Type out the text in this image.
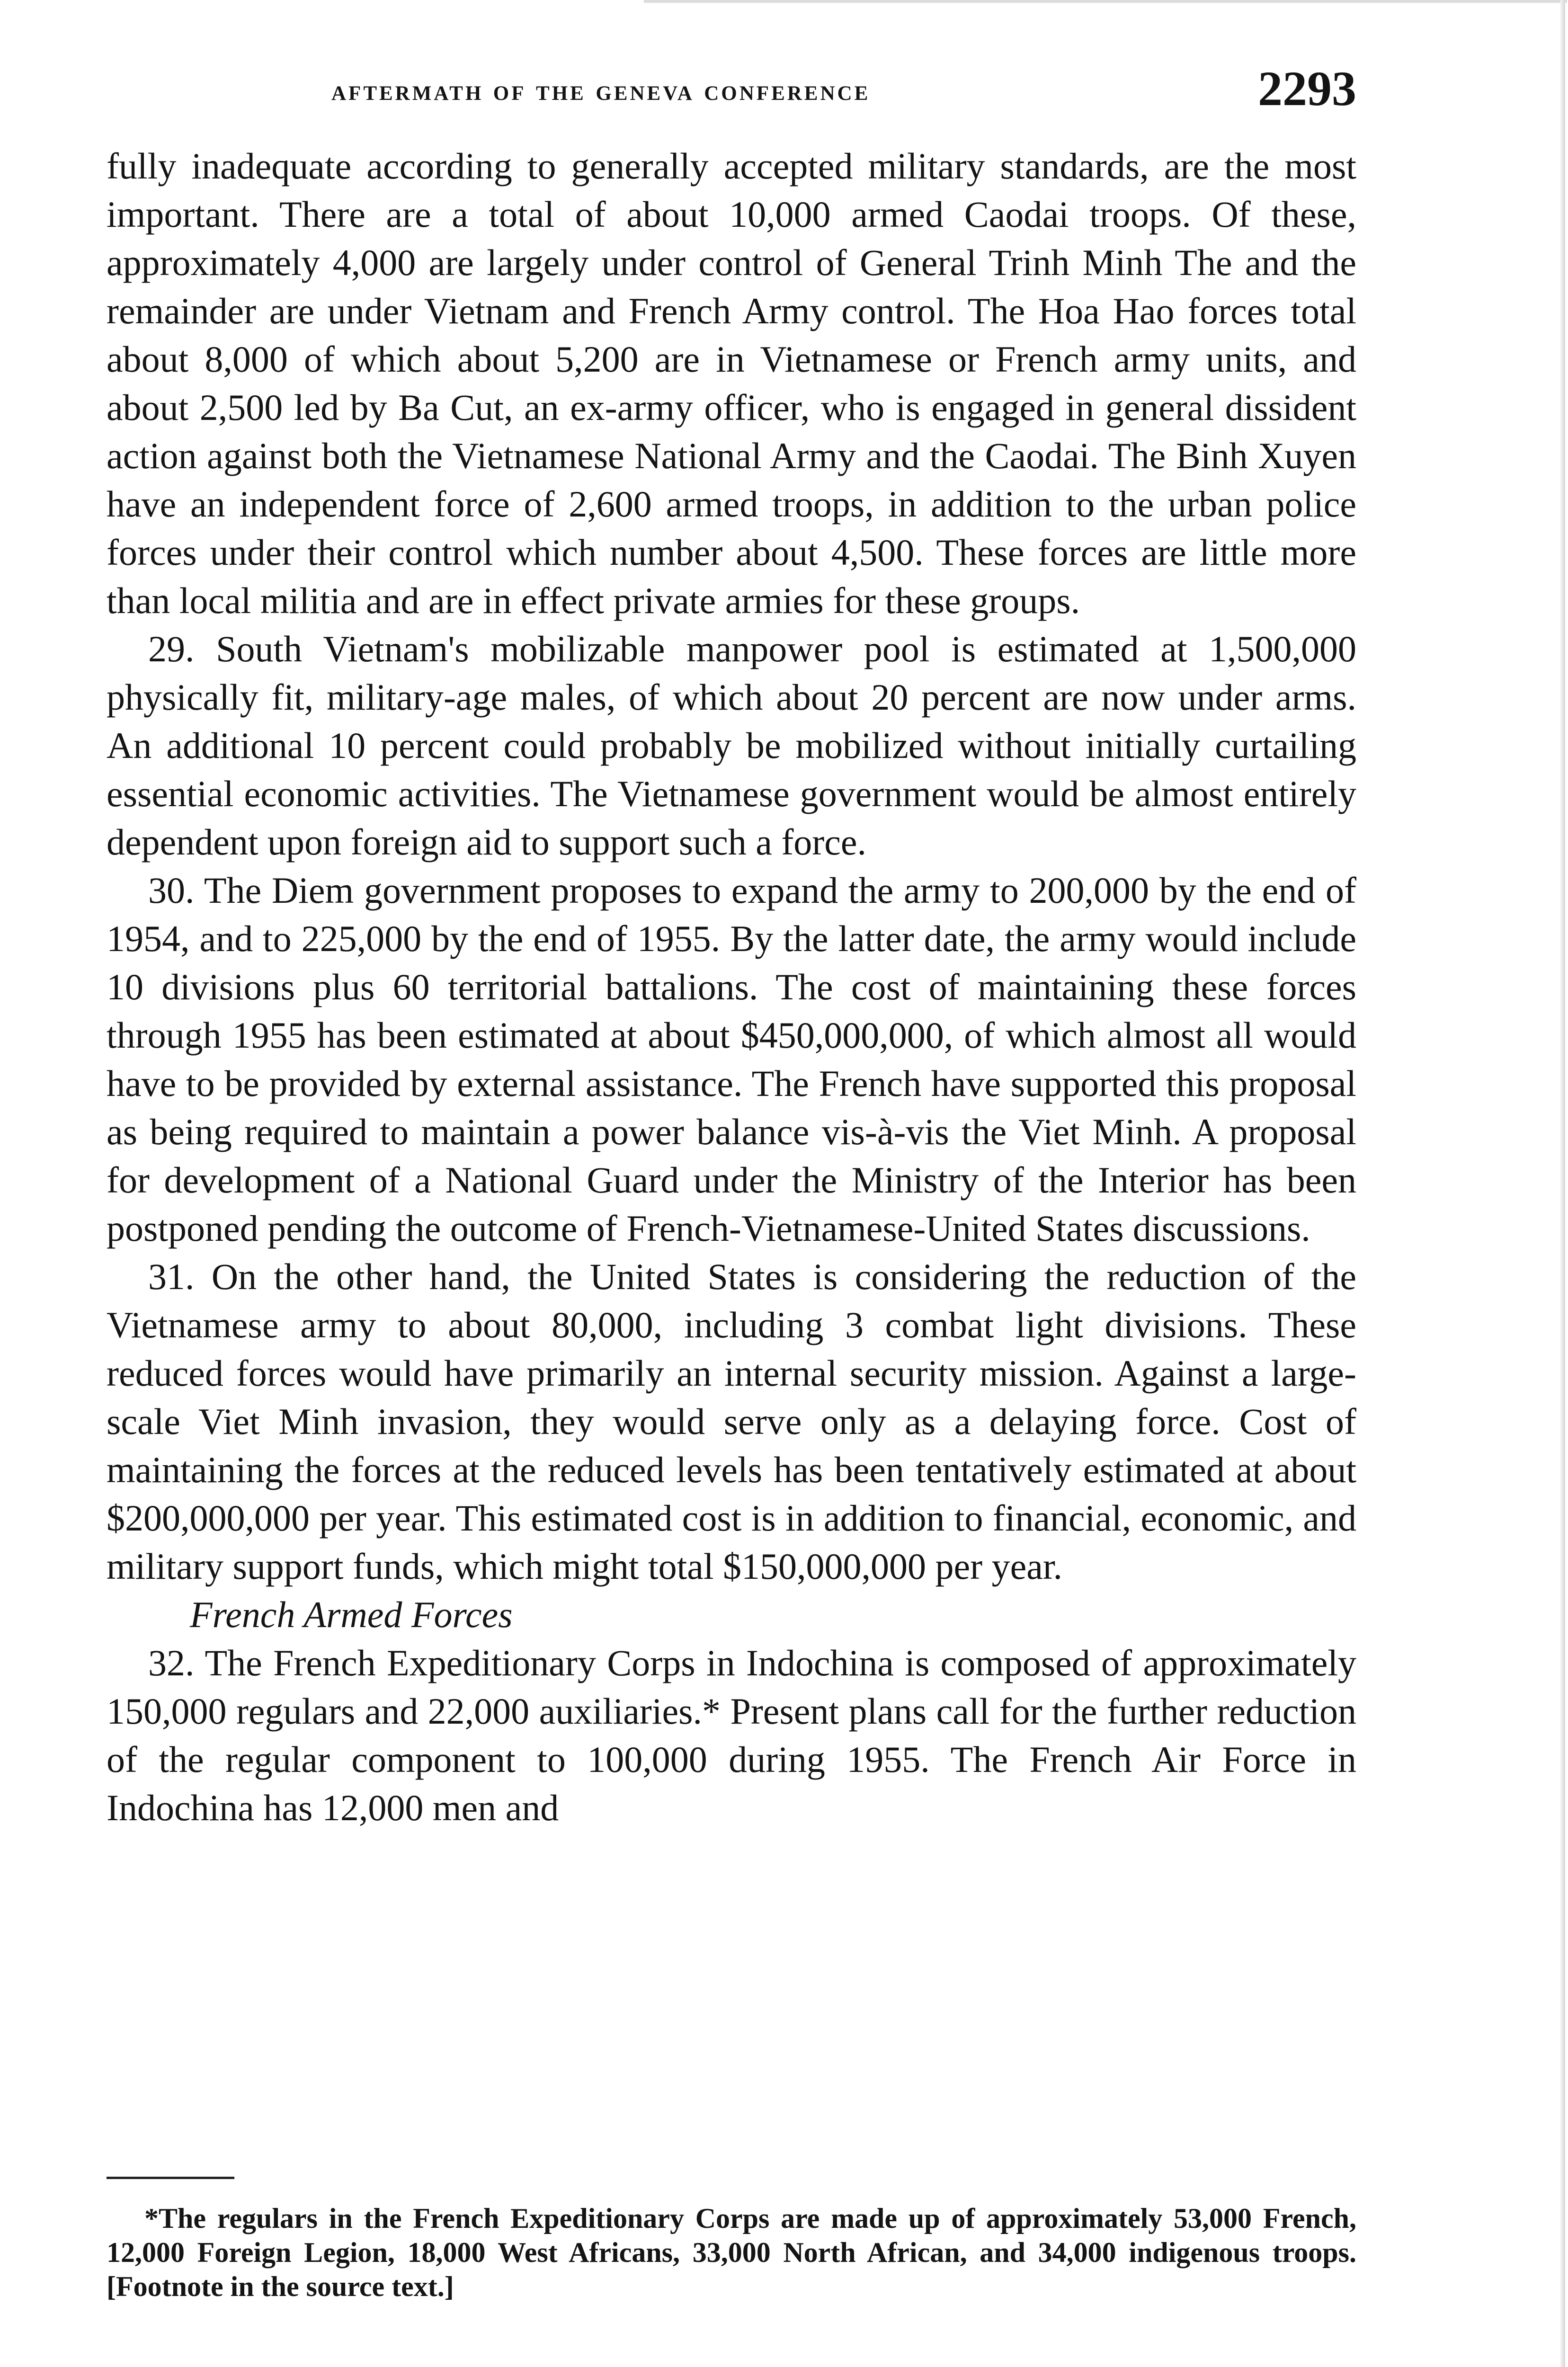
aftermath of the geneva conference	2293

fully inadequate according to generally accepted military standards, are the most important. There are a total of about 10,000 armed Caodai troops. Of these, approximately 4,000 are largely under control of General Trinh Minh The and the remainder are under Vietnam and French Army control. The Hoa Hao forces total about 8,000 of which about 5,200 are in Vietnamese or French army units, and about 2,500 led by Ba Cut, an ex-army officer, who is engaged in general dissident action against both the Vietnamese National Army and the Caodai. The Binh Xuyen have an independent force of 2,600 armed troops, in addition to the urban police forces under their control which number about 4,500. These forces are little more than local militia and are in effect private armies for these groups.

29. South Vietnam's mobilizable manpower pool is estimated at 1,500,000 physically fit, military-age males, of which about 20 percent are now under arms. An additional 10 percent could probably be mobilized without initially curtailing essential economic activities. The Vietnamese government would be almost entirely dependent upon foreign aid to support such a force.

30. The Diem government proposes to expand the army to 200,000 by the end of 1954, and to 225,000 by the end of 1955. By the latter date, the army would include 10 divisions plus 60 territorial battalions. The cost of maintaining these forces through 1955 has been estimated at about $450,000,000, of which almost all would have to be provided by external assistance. The French have supported this proposal as being required to maintain a power balance vis-à-vis the Viet Minh. A proposal for development of a National Guard under the Ministry of the Interior has been postponed pending the outcome of French-Vietnamese-United States discussions.

31. On the other hand, the United States is considering the reduction of the Vietnamese army to about 80,000, including 3 combat light divisions. These reduced forces would have primarily an internal security mission. Against a large-scale Viet Minh invasion, they would serve only as a delaying force. Cost of maintaining the forces at the reduced levels has been tentatively estimated at about $200,000,000 per year. This estimated cost is in addition to financial, economic, and military support funds, which might total $150,000,000 per year.

French Armed Forces

32. The French Expeditionary Corps in Indochina is composed of approximately 150,000 regulars and 22,000 auxiliaries.* Present plans call for the further reduction of the regular component to 100,000 during 1955. The French Air Force in Indochina has 12,000 men and

*The regulars in the French Expeditionary Corps are made up of approximately 53,000 French, 12,000 Foreign Legion, 18,000 West Africans, 33,000 North African, and 34,000 indigenous troops. [Footnote in the source text.]
